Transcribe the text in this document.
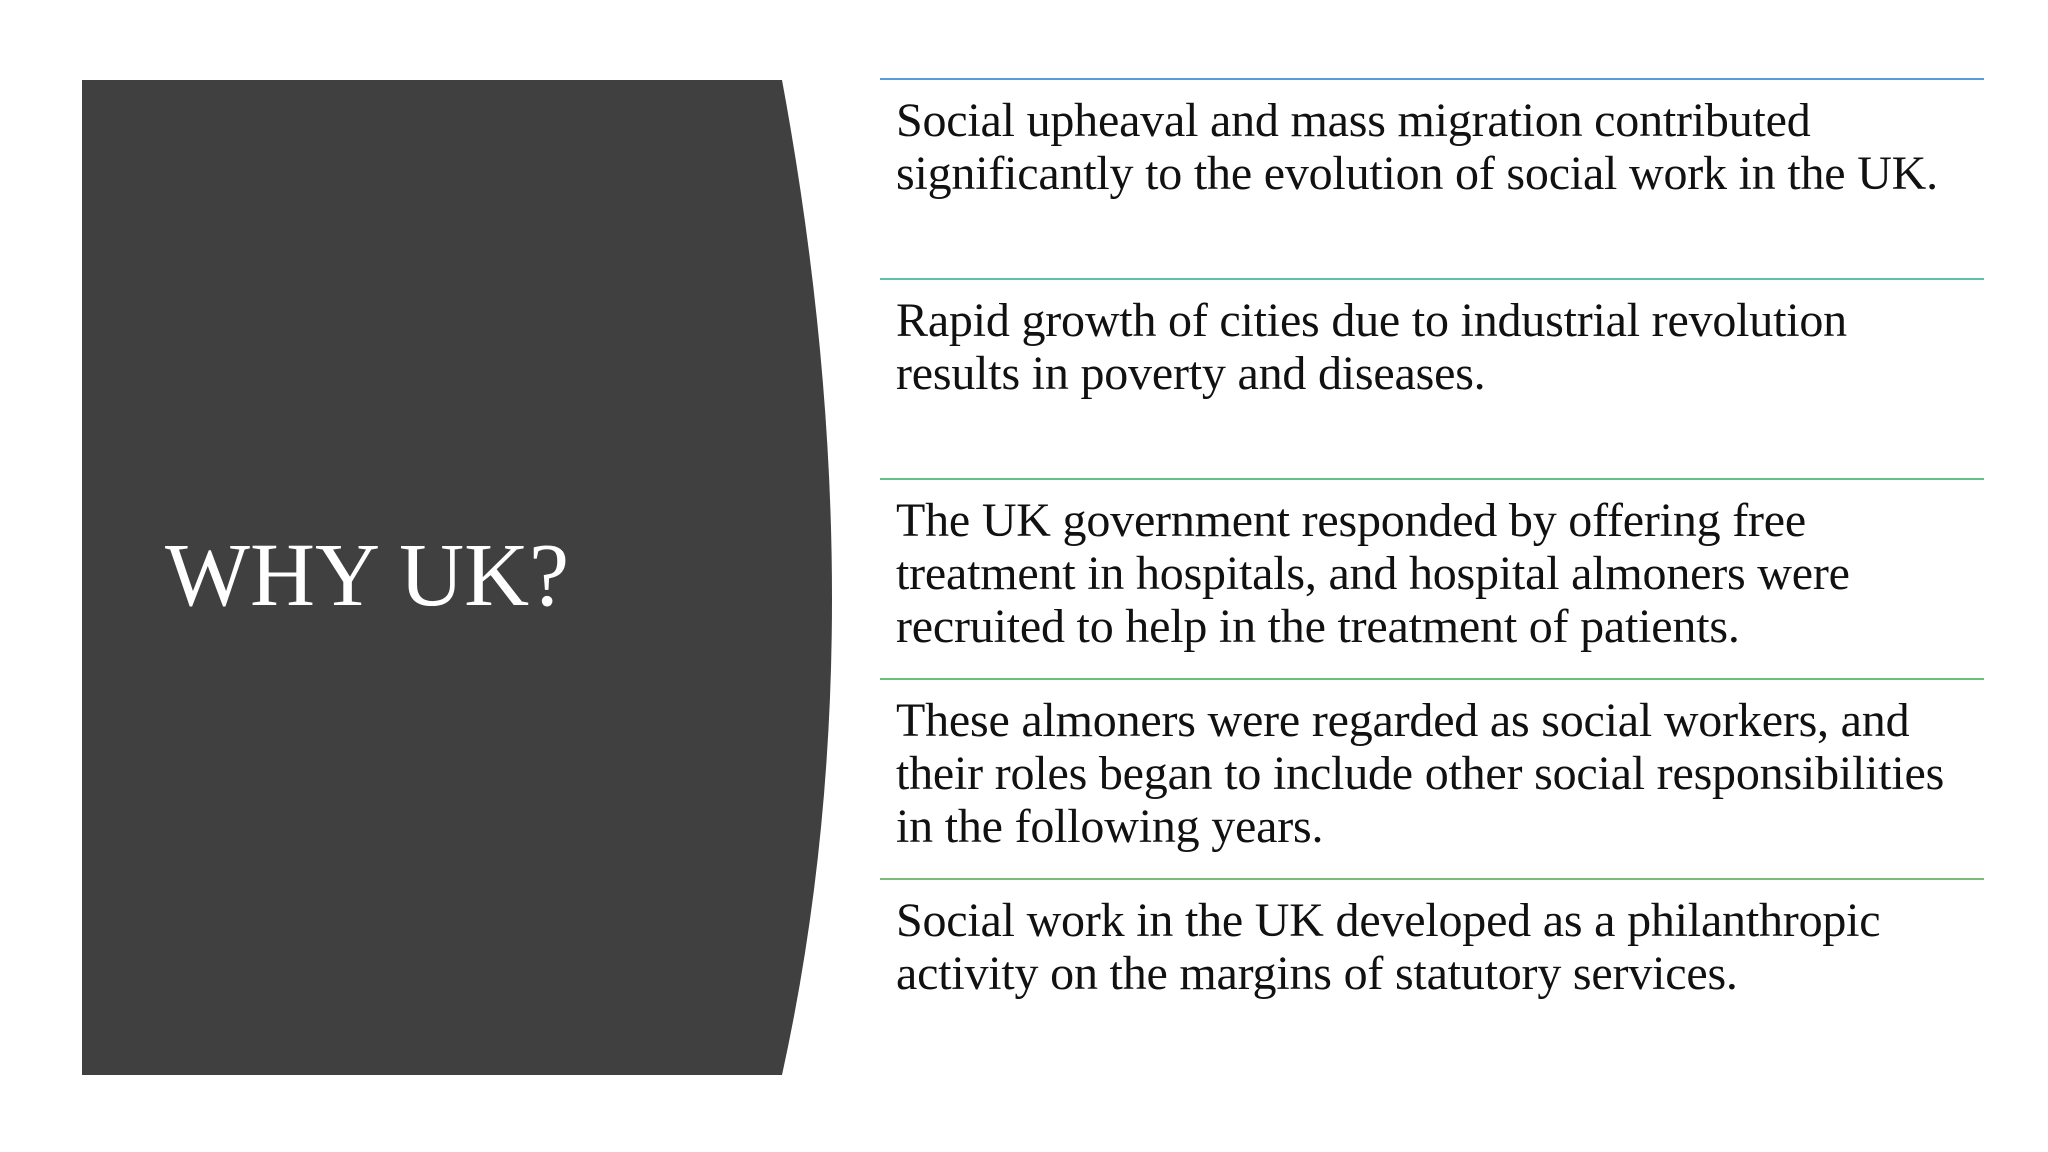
WHY UK?
Social upheaval and mass migration contributed significantly to the evolution of social work in the UK.
Rapid growth of cities due to industrial revolution results in poverty and diseases.
The UK government responded by offering free treatment in hospitals, and hospital almoners were recruited to help in the treatment of patients.
These almoners were regarded as social workers, and their roles began to include other social responsibilities in the following years.
Social work in the UK developed as a philanthropic activity on the margins of statutory services.
